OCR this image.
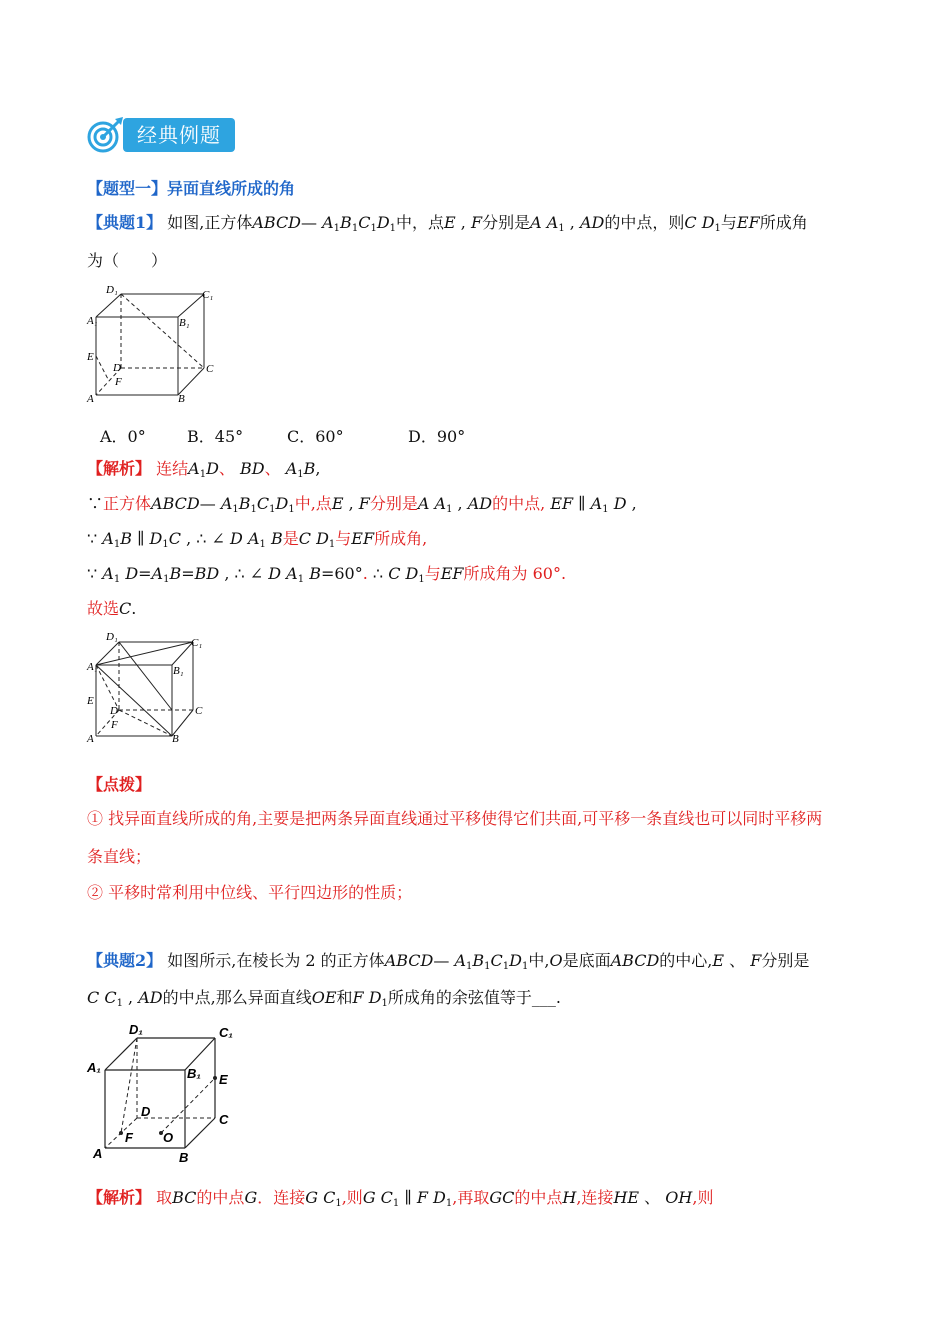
经典例题
【题型一】异面直线所成的角
【典题1】 如图,正方体ABCD— $A_1B_1C_1D_1$中，点E , F分别是A $A_1$ , AD的中点，则C $D_1$与EF所成角
为（　　）
D₁	C₁
A₁	B₁
E
D
F
C
A	B
A．0°	B．45°	C．60°	D．90°
【解析】 连结$A_1D$、 BD、 $A_1B$,
∵正方体ABCD— $A_1B_1C_1D_1$中,点E , F分别是A $A_1$ , AD的中点, EF ∥ $A_1$ D ,
∵ $A_1B$ ∥ $D_1C$ , ∴ ∠ D $A_1$ B是C $D_1$与EF所成角,
∵ $A_1$ $D=A_1B=BD$ , ∴ ∠ D $A_1$ B=60°. ∴ C $D_1$与EF所成角为 60°.
故选C.
D₁	C₁
A₁	B₁
E
D
F
C
A	B
【点拨】
① 找异面直线所成的角,主要是把两条异面直线通过平移使得它们共面,可平移一条直线也可以同时平移两
条直线；
② 平移时常利用中位线、平行四边形的性质；
【典题2】 如图所示,在棱长为 2 的正方体ABCD— $A_1B_1C_1D_1$中,O是底面ABCD的中心,E 、 F分别是
C $C_1$ , AD的中点,那么异面直线OE和F $D_1$所成角的余弦值等于___.
D₁	C₁
A₁	B₁ E
D
C
F O
A	B
【解析】 取BC的中点G．连接G $C_1$,则G $C_1$ ∥ F $D_1$,再取GC的中点H,连接HE 、 OH,则
